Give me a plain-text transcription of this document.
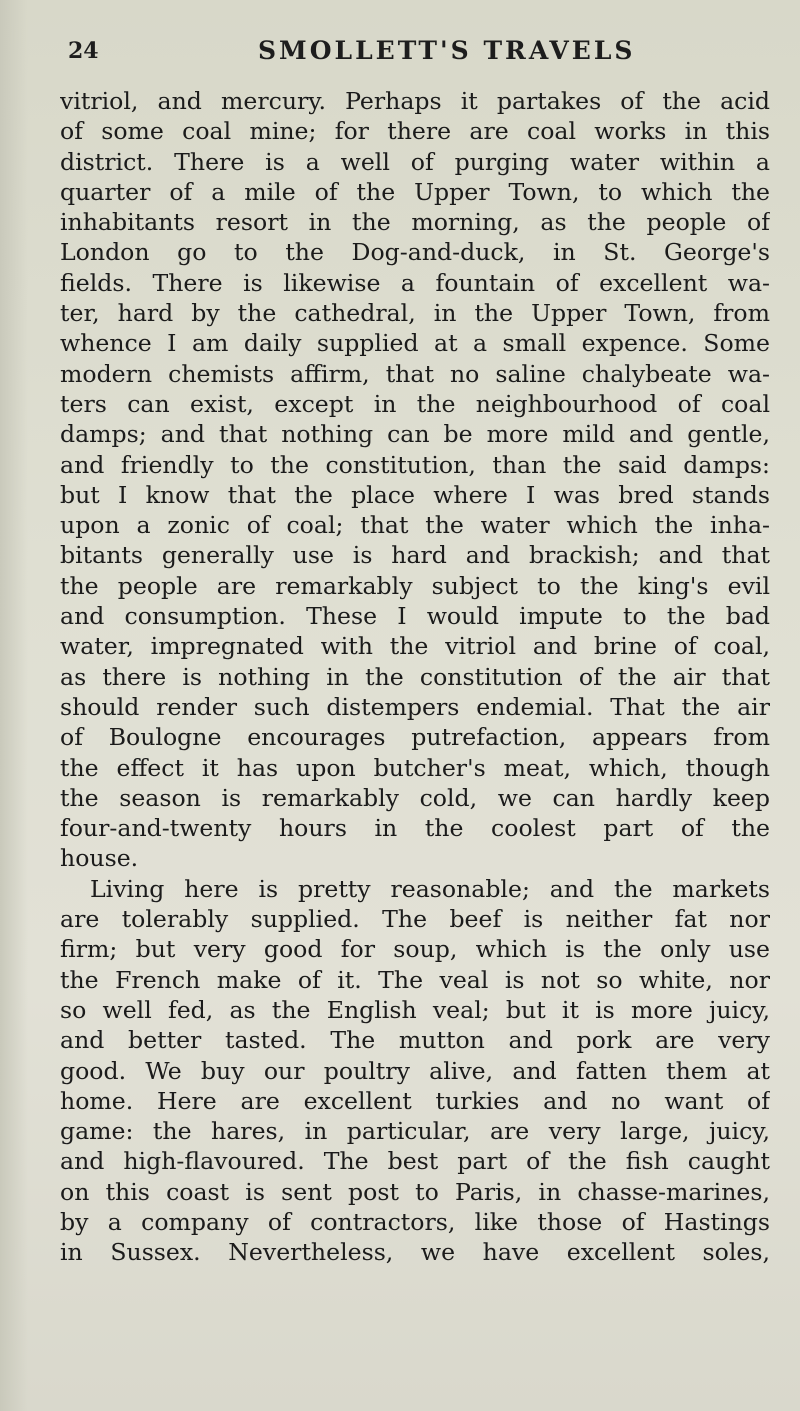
24	SMOLLETT'S TRAVELS
vitriol, and mercury. Perhaps it partakes of the acid
of some coal mine; for there are coal works in this
district. There is a well of purging water within a
quarter of a mile of the Upper Town, to which the
inhabitants resort in the morning, as the people of
London go to the Dog-and-duck, in St. George's
fields. There is likewise a fountain of excellent wa-
ter, hard by the cathedral, in the Upper Town, from
whence I am daily supplied at a small expence. Some
modern chemists affirm, that no saline chalybeate wa-
ters can exist, except in the neighbourhood of coal
damps; and that nothing can be more mild and gentle,
and friendly to the constitution, than the said damps:
but I know that the place where I was bred stands
upon a zonic of coal; that the water which the inha-
bitants generally use is hard and brackish; and that
the people are remarkably subject to the king's evil
and consumption. These I would impute to the bad
water, impregnated with the vitriol and brine of coal,
as there is nothing in the constitution of the air that
should render such distempers endemial. That the air
of Boulogne encourages putrefaction, appears from
the effect it has upon butcher's meat, which, though
the season is remarkably cold, we can hardly keep
four-and-twenty hours in the coolest part of the
house.
Living here is pretty reasonable; and the markets
are tolerably supplied. The beef is neither fat nor
firm; but very good for soup, which is the only use
the French make of it. The veal is not so white, nor
so well fed, as the English veal; but it is more juicy,
and better tasted. The mutton and pork are very
good. We buy our poultry alive, and fatten them at
home. Here are excellent turkies and no want of
game: the hares, in particular, are very large, juicy,
and high-flavoured. The best part of the fish caught
on this coast is sent post to Paris, in chasse-marines,
by a company of contractors, like those of Hastings
in Sussex. Nevertheless, we have excellent soles,
